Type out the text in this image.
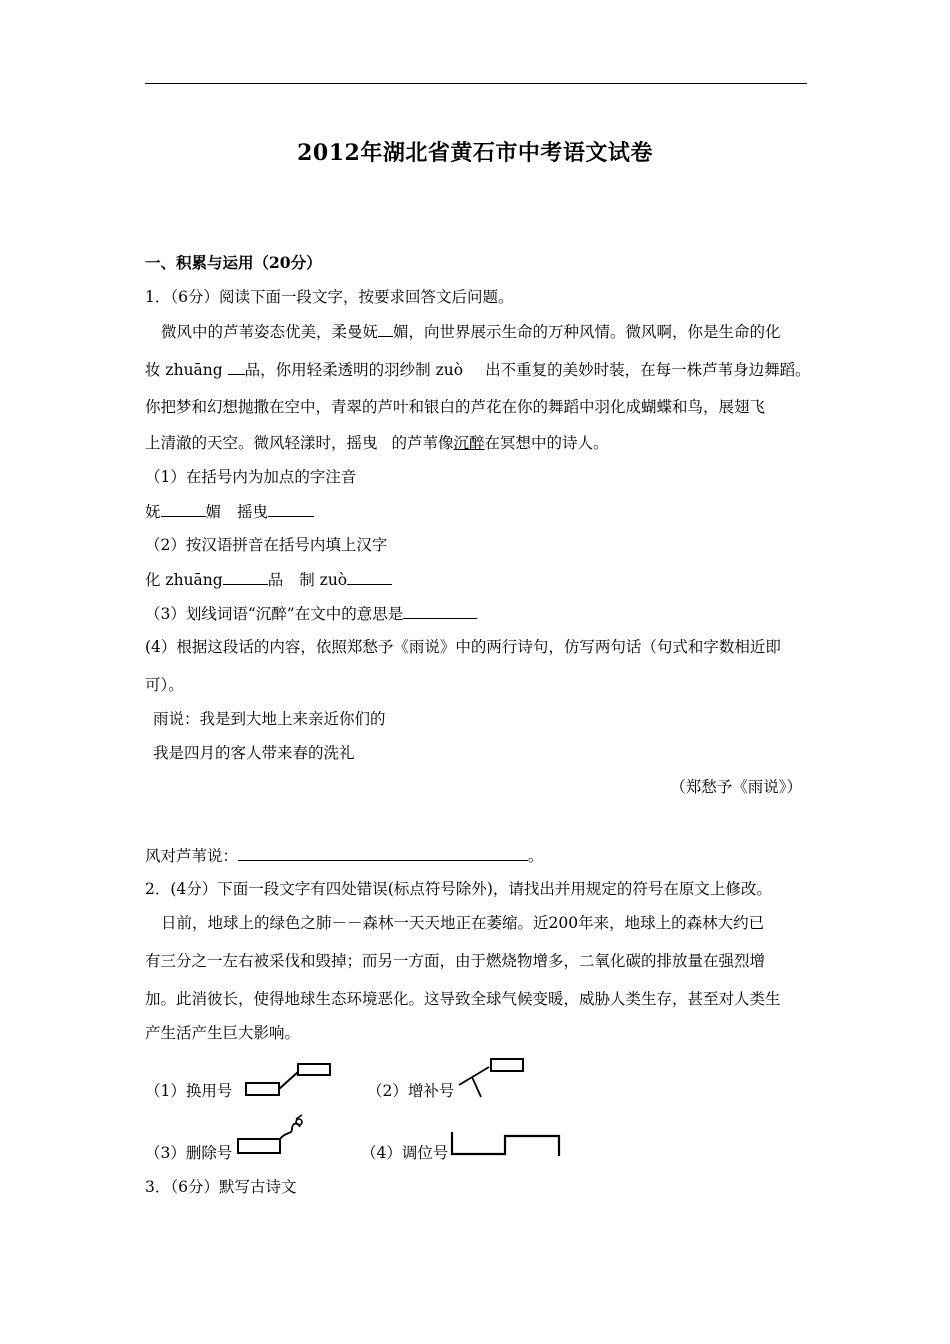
2012年湖北省黄石市中考语文试卷
一、积累与运用（20分）
1．（6分）阅读下面一段文字，按要求回答文后问题。
微风中的芦苇姿态优美，柔曼妩 媚，向世界展示生命的万种风情。微风啊，你是生命的化
妆 zhuāng 品，你用轻柔透明的羽纱制 zuò 出不重复的美妙时装，在每一株芦苇身边舞蹈。
你把梦和幻想抛撒在空中，青翠的芦叶和银白的芦花在你的舞蹈中羽化成蝴蝶和鸟，展翅飞
上清澈的天空。微风轻漾时，摇曳 的芦苇像沉醉在冥想中的诗人。
（1）在括号内为加点的字注音
妩	媚 摇曳
（2）按汉语拼音在括号内填上汉字
化 zhuāng	品 制 zuò
（3）划线词语“沉醉”在文中的意思是
(4）根据这段话的内容，依照郑愁予《雨说》中的两行诗句，仿写两句话（句式和字数相近即
可）。
雨说：我是到大地上来亲近你们的
我是四月的客人带来春的洗礼
（郑愁予《雨说》）
风对芦苇说：	。
2．(4分）下面一段文字有四处错误(标点符号除外)，请找出并用规定的符号在原文上修改。
日前，地球上的绿色之肺－－森林一天天地正在萎缩。近200年来，地球上的森林大约已
有三分之一左右被采伐和毁掉；而另一方面，由于燃烧物增多，二氧化碳的排放量在强烈增
加。此消彼长，使得地球生态环境恶化。这导致全球气候变暖，威胁人类生存，甚至对人类生
产生活产生巨大影响。
（1）换用号	（2）增补号
（3）删除号	（4）调位号
3．（6分）默写古诗文
